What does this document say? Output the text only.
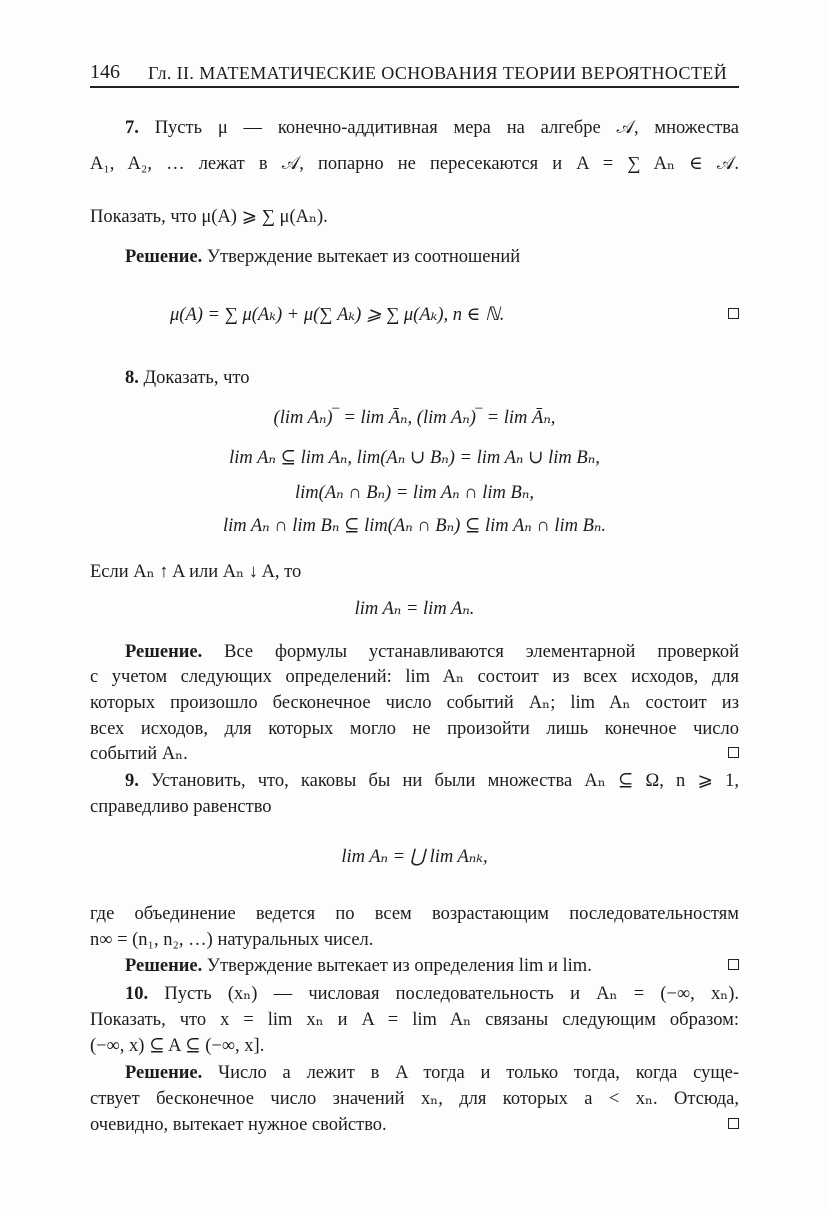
146 Гл. II. МАТЕМАТИЧЕСКИЕ ОСНОВАНИЯ ТЕОРИИ ВЕРОЯТНОСТЕЙ
7. Пусть μ — конечно-аддитивная мера на алгебре 𝒜, множества
A₁, A₂, … лежат в 𝒜, попарно не пересекаются и A = ∑ Aₙ ∈ 𝒜.
Показать, что μ(A) ⩾ ∑ μ(Aₙ).
Решение. Утверждение вытекает из соотношений
μ(A) = ∑ μ(Aₖ) + μ(∑ Aₖ) ⩾ ∑ μ(Aₖ), n ∈ ℕ.
8. Доказать, что
(lim Aₙ)‾ = lim Āₙ, (lim Aₙ)‾ = lim Āₙ,
lim Aₙ ⊆ lim Aₙ, lim(Aₙ ∪ Bₙ) = lim Aₙ ∪ lim Bₙ,
lim(Aₙ ∩ Bₙ) = lim Aₙ ∩ lim Bₙ,
lim Aₙ ∩ lim Bₙ ⊆ lim(Aₙ ∩ Bₙ) ⊆ lim Aₙ ∩ lim Bₙ.
Если Aₙ ↑ A или Aₙ ↓ A, то
lim Aₙ = lim Aₙ.
Решение. Все формулы устанавливаются элементарной проверкой
с учетом следующих определений: lim Aₙ состоит из всех исходов, для
которых произошло бесконечное число событий Aₙ; lim Aₙ состоит из
всех исходов, для которых могло не произойти лишь конечное число
событий Aₙ.
9. Установить, что, каковы бы ни были множества Aₙ ⊆ Ω, n ⩾ 1,
справедливо равенство
lim Aₙ = ⋃ lim Aₙₖ,
где объединение ведется по всем возрастающим последовательностям
n∞ = (n₁, n₂, …) натуральных чисел.
Решение. Утверждение вытекает из определения lim и lim.
10. Пусть (xₙ) — числовая последовательность и Aₙ = (−∞, xₙ).
Показать, что x = lim xₙ и A = lim Aₙ связаны следующим образом:
(−∞, x) ⊆ A ⊆ (−∞, x].
Решение. Число a лежит в A тогда и только тогда, когда суще-
ствует бесконечное число значений xₙ, для которых a < xₙ. Отсюда,
очевидно, вытекает нужное свойство.
